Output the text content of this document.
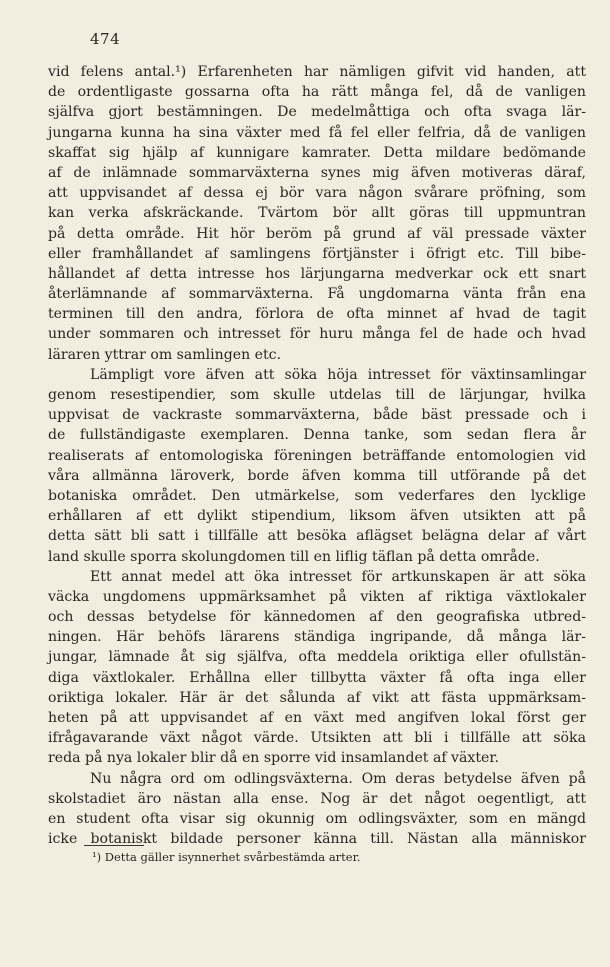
474
vid felens antal.¹) Erfarenheten har nämligen gifvit vid handen, att
de ordentligaste gossarna ofta ha rätt många fel, då de vanligen
själfva gjort bestämningen. De medelmåttiga och ofta svaga lär-
jungarna kunna ha sina växter med få fel eller felfria, då de vanligen
skaffat sig hjälp af kunnigare kamrater. Detta mildare bedömande
af de inlämnade sommarväxterna synes mig äfven motiveras däraf,
att uppvisandet af dessa ej bör vara någon svårare pröfning, som
kan verka afskräckande. Tvärtom bör allt göras till uppmuntran
på detta område. Hit hör beröm på grund af väl pressade växter
eller framhållandet af samlingens förtjänster i öfrigt etc. Till bibe-
hållandet af detta intresse hos lärjungarna medverkar ock ett snart
återlämnande af sommarväxterna. Få ungdomarna vänta från ena
terminen till den andra, förlora de ofta minnet af hvad de tagit
under sommaren och intresset för huru många fel de hade och hvad
läraren yttrar om samlingen etc.
Lämpligt vore äfven att söka höja intresset för växtinsamlingar
genom resestipendier, som skulle utdelas till de lärjungar, hvilka
uppvisat de vackraste sommarväxterna, både bäst pressade och i
de fullständigaste exemplaren. Denna tanke, som sedan flera år
realiserats af entomologiska föreningen beträffande entomologien vid
våra allmänna läroverk, borde äfven komma till utförande på det
botaniska området. Den utmärkelse, som vederfares den lycklige
erhållaren af ett dylikt stipendium, liksom äfven utsikten att på
detta sätt bli satt i tillfälle att besöka aflägset belägna delar af vårt
land skulle sporra skolungdomen till en liflig täflan på detta område.
Ett annat medel att öka intresset för artkunskapen är att söka
väcka ungdomens uppmärksamhet på vikten af riktiga växtlokaler
och dessas betydelse för kännedomen af den geografiska utbred-
ningen. Här behöfs lärarens ständiga ingripande, då många lär-
jungar, lämnade åt sig själfva, ofta meddela oriktiga eller ofullstän-
diga växtlokaler. Erhållna eller tillbytta växter få ofta inga eller
oriktiga lokaler. Här är det sålunda af vikt att fästa uppmärksam-
heten på att uppvisandet af en växt med angifven lokal först ger
ifrågavarande växt något värde. Utsikten att bli i tillfälle att söka
reda på nya lokaler blir då en sporre vid insamlandet af växter.
Nu några ord om odlingsväxterna. Om deras betydelse äfven på
skolstadiet äro nästan alla ense. Nog är det något oegentligt, att
en student ofta visar sig okunnig om odlingsväxter, som en mängd
icke botaniskt bildade personer känna till. Nästan alla människor
¹) Detta gäller isynnerhet svårbestämda arter.
